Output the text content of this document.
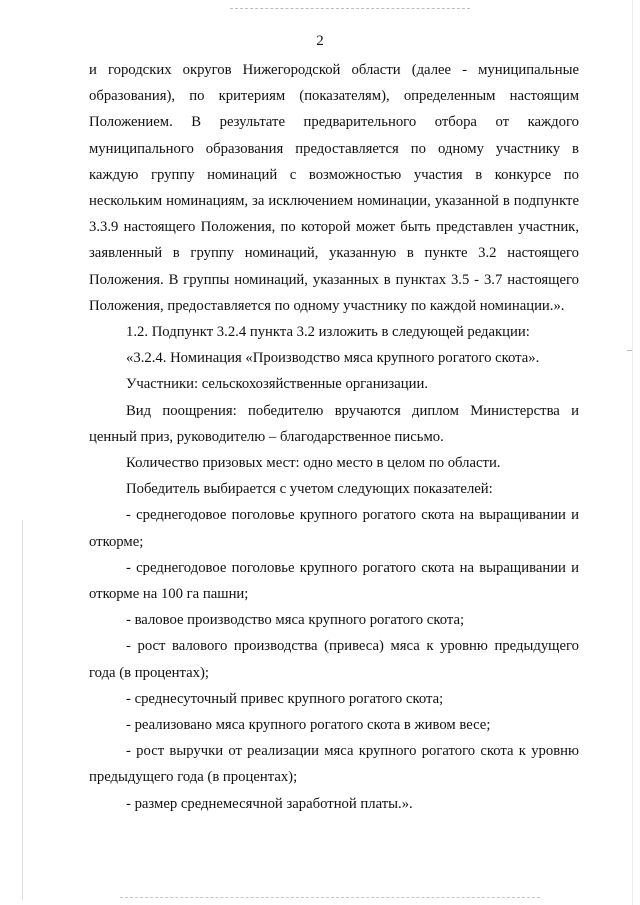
2

и городских округов Нижегородской области (далее - муниципальные образования), по критериям (показателям), определенным настоящим Положением. В результате предварительного отбора от каждого муниципального образования предоставляется по одному участнику в каждую группу номинаций с возможностью участия в конкурсе по нескольким номинациям, за исключением номинации, указанной в подпункте 3.3.9 настоящего Положения, по которой может быть представлен участник, заявленный в группу номинаций, указанную в пункте 3.2 настоящего Положения. В группы номинаций, указанных в пунктах 3.5 - 3.7 настоящего Положения, предоставляется по одному участнику по каждой номинации.».

1.2. Подпункт 3.2.4 пункта 3.2 изложить в следующей редакции:

«3.2.4. Номинация «Производство мяса крупного рогатого скота».

Участники: сельскохозяйственные организации.

Вид поощрения: победителю вручаются диплом Министерства и ценный приз, руководителю – благодарственное письмо.

Количество призовых мест: одно место в целом по области.

Победитель выбирается с учетом следующих показателей:

- среднегодовое поголовье крупного рогатого скота на выращивании и откорме;

- среднегодовое поголовье крупного рогатого скота на выращивании и откорме на 100 га пашни;

- валовое производство мяса крупного рогатого скота;

- рост валового производства (привеса) мяса к уровню предыдущего года (в процентах);

- среднесуточный привес крупного рогатого скота;

- реализовано мяса крупного рогатого скота в живом весе;

- рост выручки от реализации мяса крупного рогатого скота к уровню предыдущего года (в процентах);

- размер среднемесячной заработной платы.».
